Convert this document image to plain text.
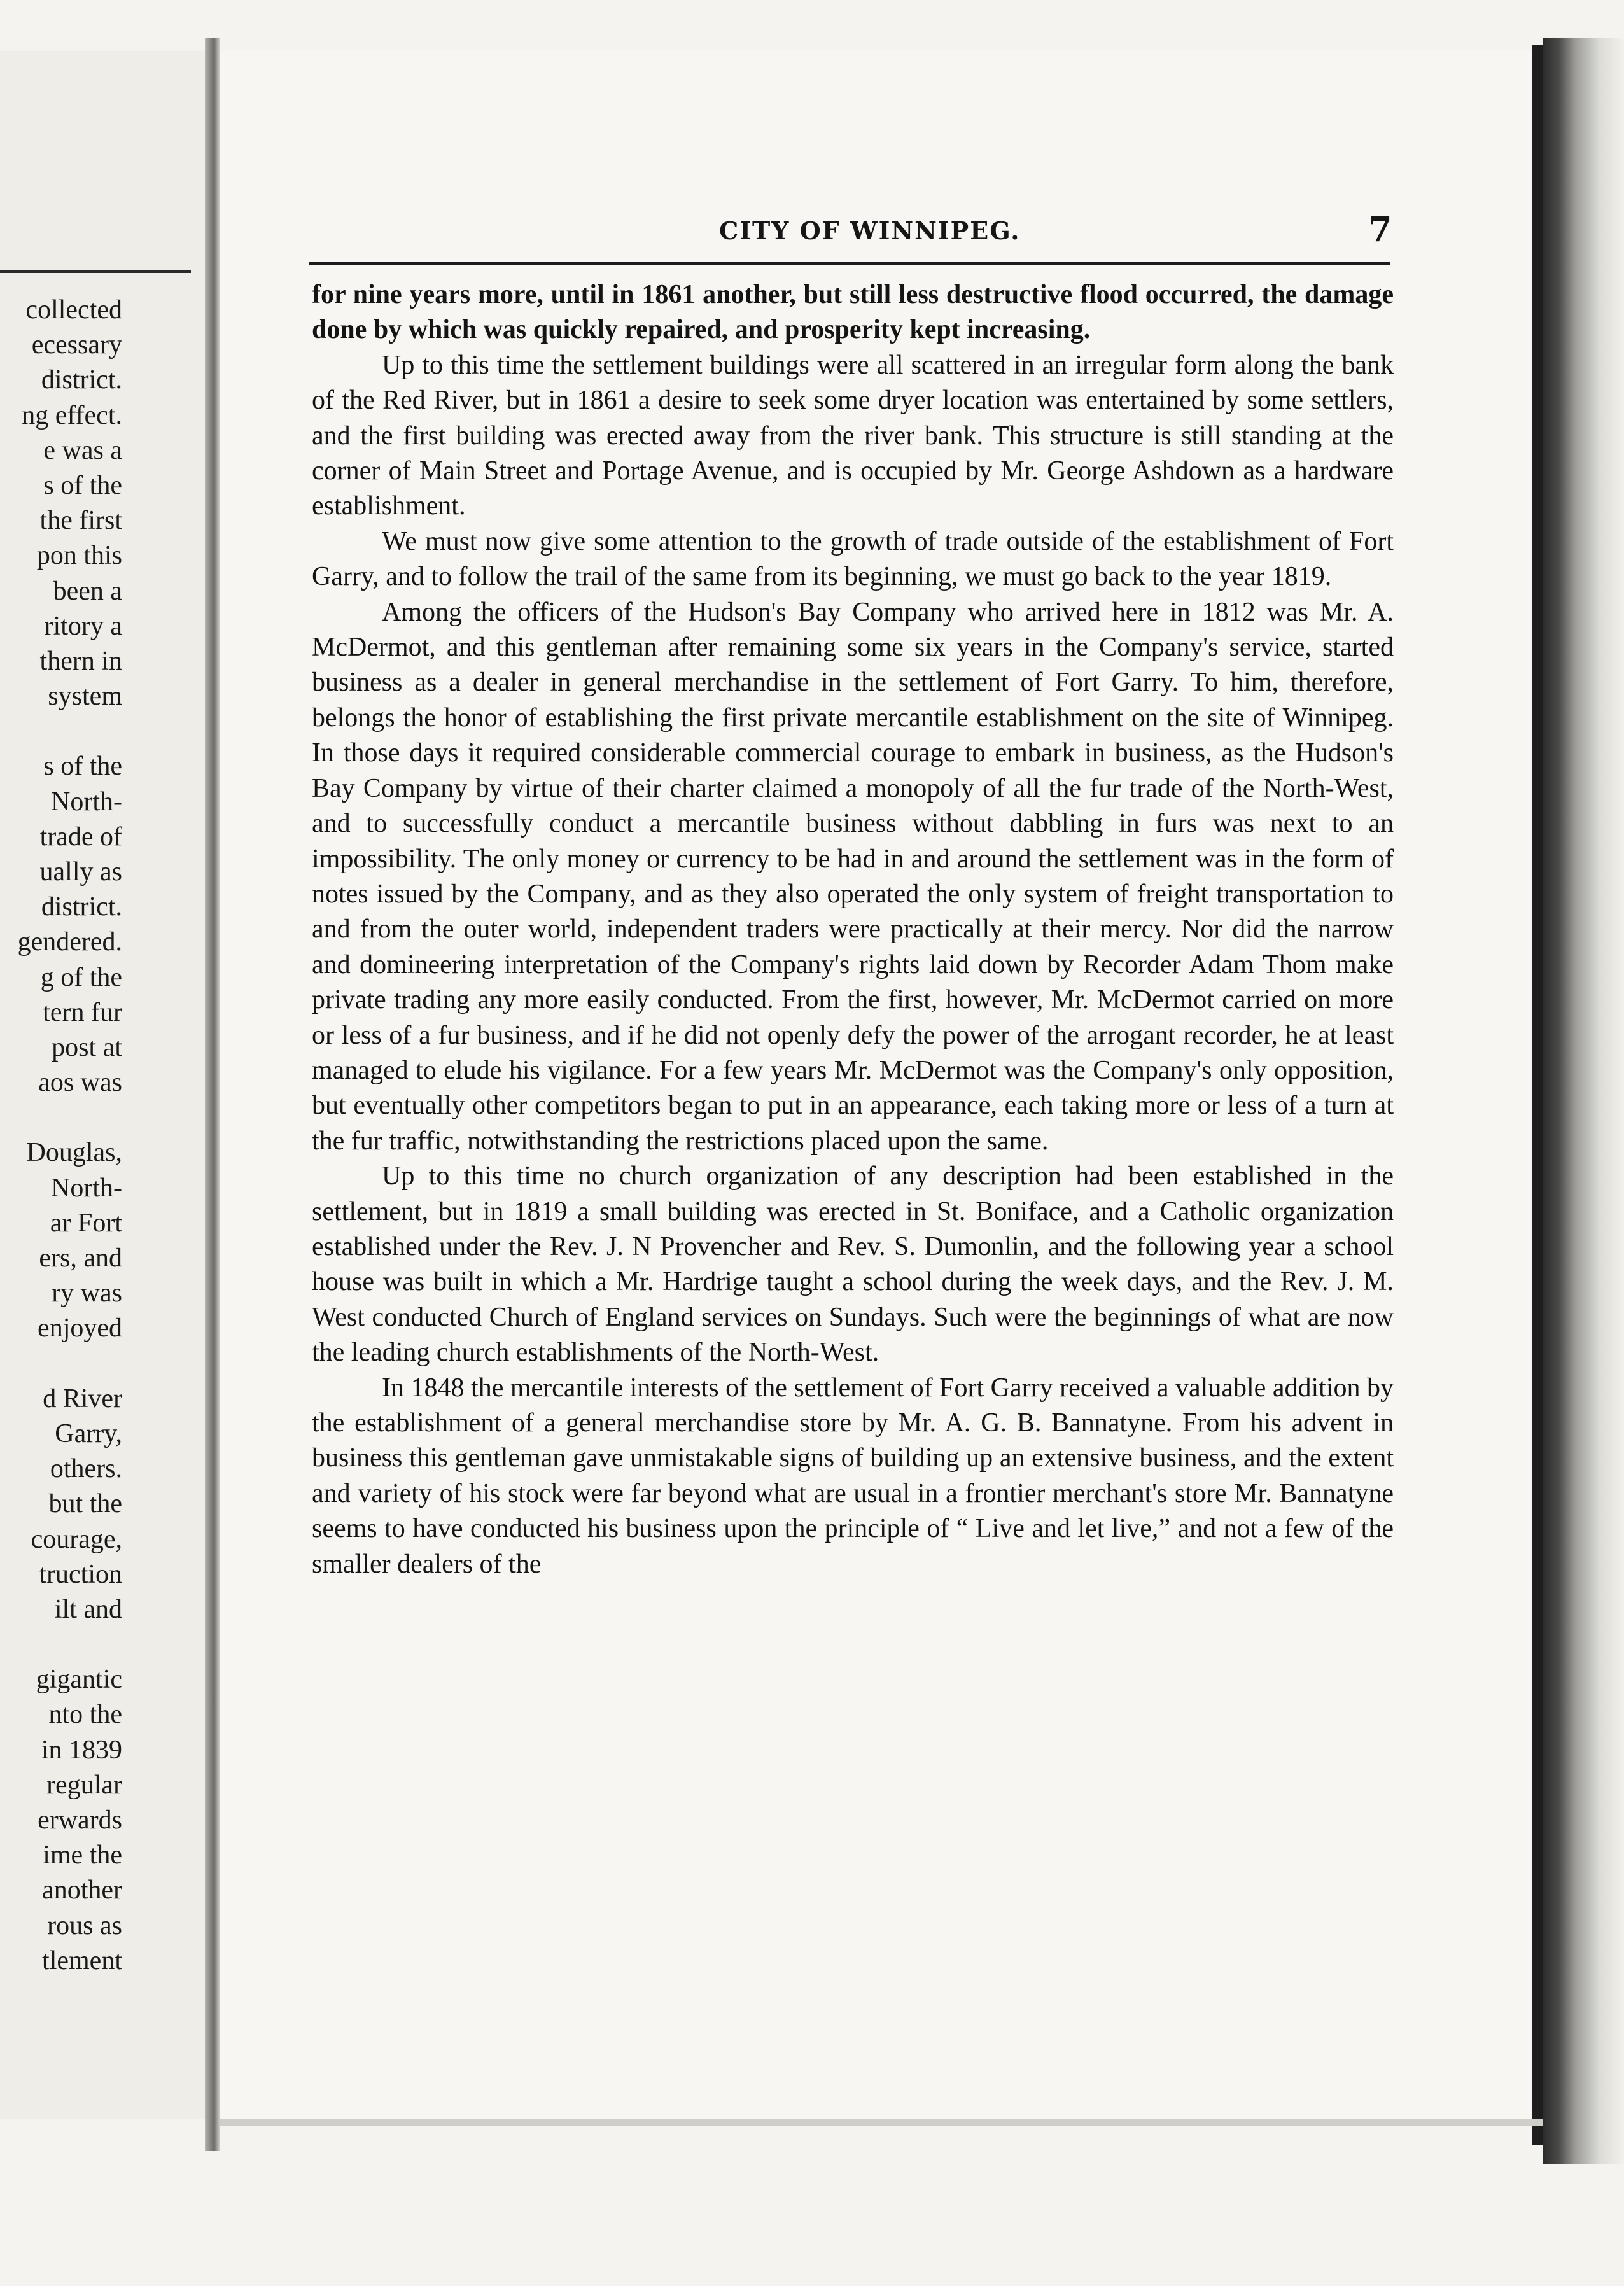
collected
ecessary
district.
ng effect.
e was a
s of the
the first
pon this
been a
ritory a
thern in
system
s of the
North-
trade of
ually as
district.
gendered.
g of the
tern fur
post at
aos was
Douglas,
North-
ar Fort
ers, and
ry was
enjoyed
d River
Garry,
others.
but the
courage,
truction
ilt and
gigantic
nto the
in 1839
regular
erwards
ime the
another
rous as
tlement
CITY OF WINNIPEG.	7

for nine years more, until in 1861 another, but still less destructive flood occurred, the damage done by which was quickly repaired, and prosperity kept increasing.

Up to this time the settlement buildings were all scattered in an irregular form along the bank of the Red River, but in 1861 a desire to seek some dryer location was entertained by some settlers, and the first building was erected away from the river bank. This structure is still standing at the corner of Main Street and Portage Avenue, and is occupied by Mr. George Ashdown as a hardware establishment.

We must now give some attention to the growth of trade outside of the establishment of Fort Garry, and to follow the trail of the same from its beginning, we must go back to the year 1819.

Among the officers of the Hudson's Bay Company who arrived here in 1812 was Mr. A. McDermot, and this gentleman after remaining some six years in the Company's service, started business as a dealer in general merchandise in the settlement of Fort Garry. To him, therefore, belongs the honor of establishing the first private mercantile establishment on the site of Winnipeg. In those days it required considerable commercial courage to embark in business, as the Hudson's Bay Company by virtue of their charter claimed a monopoly of all the fur trade of the North-West, and to successfully conduct a mercantile business without dabbling in furs was next to an impossibility. The only money or currency to be had in and around the settlement was in the form of notes issued by the Company, and as they also operated the only system of freight transportation to and from the outer world, independent traders were practically at their mercy. Nor did the narrow and domineering interpretation of the Company's rights laid down by Recorder Adam Thom make private trading any more easily conducted. From the first, however, Mr. McDermot carried on more or less of a fur business, and if he did not openly defy the power of the arrogant recorder, he at least managed to elude his vigilance. For a few years Mr. McDermot was the Company's only opposition, but eventually other competitors began to put in an appearance, each taking more or less of a turn at the fur traffic, notwithstanding the restrictions placed upon the same.

Up to this time no church organization of any description had been established in the settlement, but in 1819 a small building was erected in St. Boniface, and a Catholic organization established under the Rev. J. N Provencher and Rev. S. Dumonlin, and the following year a school house was built in which a Mr. Hardrige taught a school during the week days, and the Rev. J. M. West conducted Church of England services on Sundays. Such were the beginnings of what are now the leading church establishments of the North-West.

In 1848 the mercantile interests of the settlement of Fort Garry received a valuable addition by the establishment of a general merchandise store by Mr. A. G. B. Bannatyne. From his advent in business this gentleman gave unmistakable signs of building up an extensive business, and the extent and variety of his stock were far beyond what are usual in a frontier merchant's store Mr. Bannatyne seems to have conducted his business upon the principle of “ Live and let live,” and not a few of the smaller dealers of the
